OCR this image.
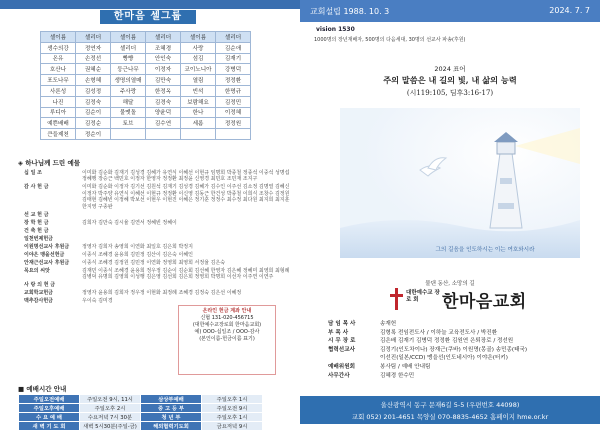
한마음 셀그룹
셀이름	셀리더	셀이름	셀리더	셀이름	셀리더
생수의강	정연자	셀리더	조혜경	사랑	김순애
온유	손정선	빵빵	안인숙	섬김	김재기
호산나	권혜순	둥근나무	이정자	코이노니아	강병덕
포도나무	손형혜	생명의열매	김만숙	열림	정정환
사론성	김성정	주사랑	한정옥	빈석	한명규
나진	김정숙	해달	김경숙	보람해요	김정민
루디아	김순이	물맷돌	양윤덕	한나	이정혜
예쁜배배	김정순	토브	김수연	세롬	정정원
큰들제천	정순이				
◈ 하나님께 드린 예물
십 일 조	이미화 김순화 김재기 김성경 김혜가 유연식 이혜선 이현규 임명희 박종철 정종석 이중석 성명섭 정혜행 장승근 백민호 이정자 한영자 정정환 최정윤 신영경 최민호 조민재 조지구
감 사 헌 금	이미화 김순화 이정자 김기선 김원석 김재기 김성경 김혜가 김수인 이주선 김소정 김명열 김혜신 이정자 박주양 유연식 이혜선 이현규 정정환 이신영 김동근 한건성 박종철 이희식 조창수 김정원 김태현 김혜빈 이정혜 박보선 이현우 이현진 이혜은 정기훈 정정수 최수정 최다원 최지희 최지훈 한지영 구종완
선 교 헌 금
장 학 헌 금	김희자 김만숙 김시율 김연서 정혜빈 정혜이
건 축 헌 금
일천번제헌금
이원명선교사 후원금	정영자 김희자 송영희 이연화 최일호 김은희 박정지
이야은 맹을선헌금	이종식 조혜경 윤용희 김민정 김산이 김은숙 이혜인
안재근선교사 후원금	이종식 조혜경 김정원 김민정 이연화 정영희 최영희 서정율 김은숙
목요의 씨앗	김재민 이종식 조혜경 윤용희 정우정 김순이 김순회 김선혜 한영자 김은혜 정혜미 최영희 최형례 김병덕 유명희 김영희 이성행 김은영 김선희 김은희 정영희 박명희 이선자 이주연 이연주
사 랑 의 헌 금
교회학교헌금	정영자 윤용희 김희자 정우정 이현화 최정례 조혜경 김정숙 김은선 이혜정
맥추감사헌금	우이숙 김미경
온라인 헌금 계좌 안내
신협 131-020-456715
(대한예수교장로회 한마음교회)
예) OOO-십일조 / OOO-감사
(본인이름-헌금이름 표기)
■ 예배시간 안내
주일오전예배	주일오전 9시, 11시	삼상부예배	주일오후 1시
주일오후예배	주일오후 2시	중 고 등 부	주일오전 9시
수 요 예 배	수요저녁 7시 30분	청 년 부	주일오후 1시
새 벽 기 도 회	새벽 5시30분(주일-금)	해외협력기도회	금요저녁 9시
교회설립 1988. 10. 3	2024. 7. 7
vision 1530
1000명의 장년재배자, 500명의 다음세대, 30명의 선교사 파송(후원)
2024 표어
주의 말씀은 내 길의 빛, 내 삶의 능력
(시119:105, 딤후3:16-17)
그의 길음을 인도하시는 이는 여호와시라
대한예수교 장 로 회	한마음교회
물댄 동산, 소망의 길
담 임 목 사	송재헌
부 목 사	김형록 전임전도사 / 이하늘 교육전도사 / 박진환
시 무 장 로	김은배 김재기 김병덕 정정환 김원연 은퇴장로 / 정선원
협력선교사	김정기(인도차이나) 장재근(쿠바) 이원명(몽골) 송민종(태국)
이선진(일본/CCD) 맹을선(인도네시아) 이야은(터키)
예배위원회	봉사팀 / 예배 안내팀
사무간사	김혜경 한수민
울산광역시 동구 문재6길 5-5 (우편번호 44098)
교회 052) 201-4651 목양실 070-8835-4652 홈페이지 hme.or.kr
